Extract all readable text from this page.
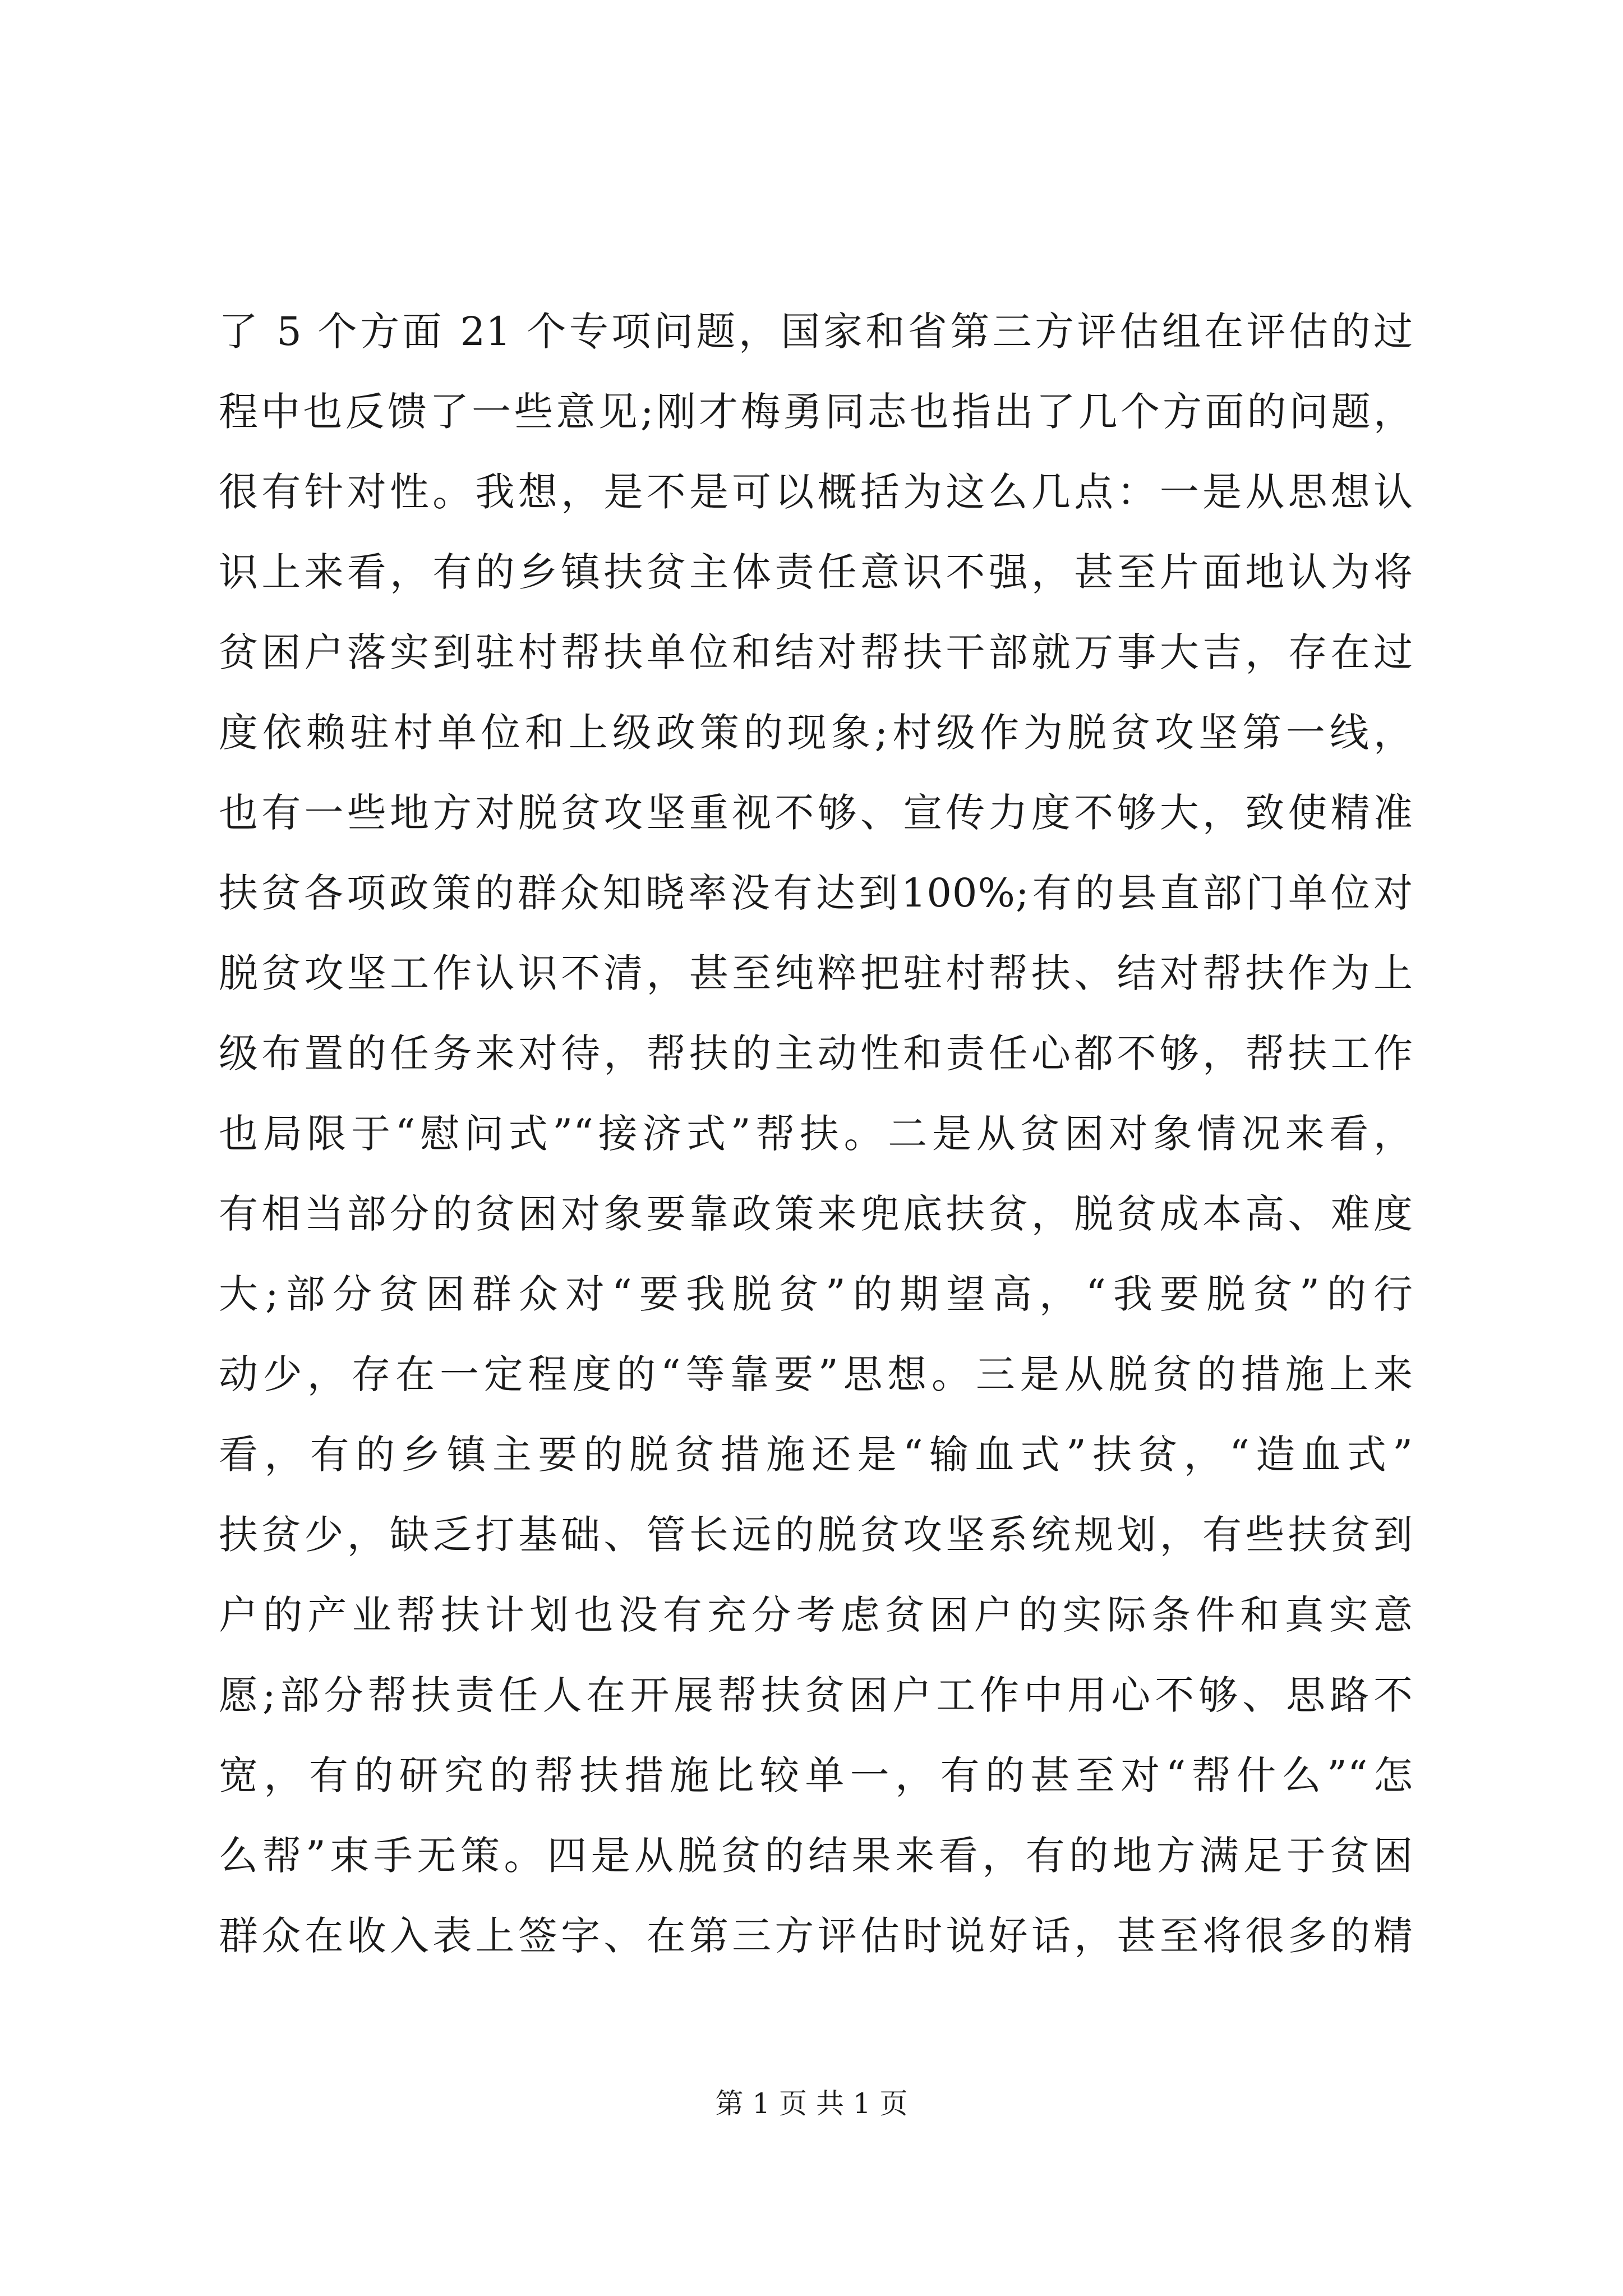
了 5 个方面 21 个专项问题，国家和省第三方评估组在评估的过
程中也反馈了一些意见;刚才梅勇同志也指出了几个方面的问题，
很有针对性。我想，是不是可以概括为这么几点：一是从思想认
识上来看，有的乡镇扶贫主体责任意识不强，甚至片面地认为将
贫困户落实到驻村帮扶单位和结对帮扶干部就万事大吉，存在过
度依赖驻村单位和上级政策的现象;村级作为脱贫攻坚第一线，
也有一些地方对脱贫攻坚重视不够、宣传力度不够大，致使精准
扶贫各项政策的群众知晓率没有达到100%;有的县直部门单位对
脱贫攻坚工作认识不清，甚至纯粹把驻村帮扶、结对帮扶作为上
级布置的任务来对待，帮扶的主动性和责任心都不够，帮扶工作
也局限于“慰问式”“接济式”帮扶。二是从贫困对象情况来看，
有相当部分的贫困对象要靠政策来兜底扶贫，脱贫成本高、难度
大;部分贫困群众对“要我脱贫”的期望高，“我要脱贫”的行
动少，存在一定程度的“等靠要”思想。三是从脱贫的措施上来
看，有的乡镇主要的脱贫措施还是“输血式”扶贫，“造血式”
扶贫少，缺乏打基础、管长远的脱贫攻坚系统规划，有些扶贫到
户的产业帮扶计划也没有充分考虑贫困户的实际条件和真实意
愿;部分帮扶责任人在开展帮扶贫困户工作中用心不够、思路不
宽，有的研究的帮扶措施比较单一，有的甚至对“帮什么”“怎
么帮”束手无策。四是从脱贫的结果来看，有的地方满足于贫困
群众在收入表上签字、在第三方评估时说好话，甚至将很多的精
第 1 页 共 1 页
